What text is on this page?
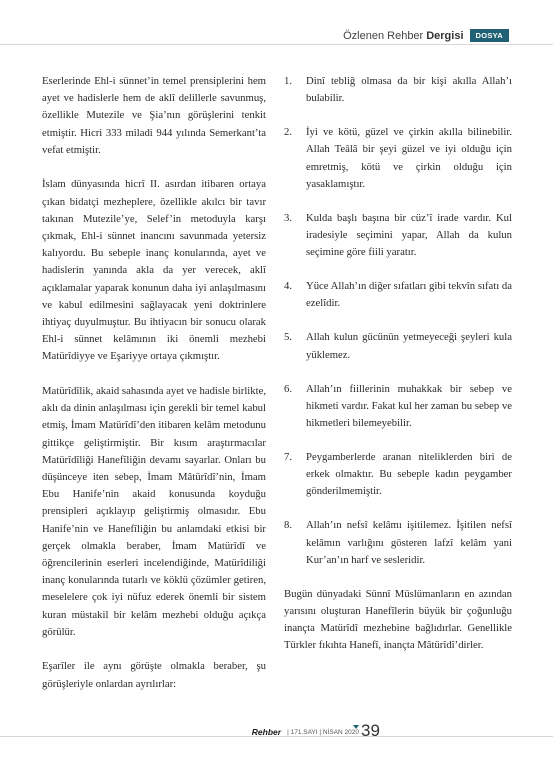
Özlenen Rehber Dergisi	DOSYA

Eserlerinde Ehl-i sünnet’in temel prensiplerini hem ayet ve hadislerle hem de aklî delillerle savunmuş, özellikle Mutezile ve Şia’nın görüşlerini tenkit etmiştir. Hicri 333 miladi 944 yılında Semerkant’ta vefat etmiştir.

İslam dünyasında hicrî II. asırdan itibaren ortaya çıkan bidatçi mezheplere, özellikle akılcı bir tavır takınan Mutezile’ye, Selef’in metoduyla karşı çıkmak, Ehl-i sünnet inancını savunmada yetersiz kalıyordu. Bu sebeple inanç konularında, ayet ve hadislerin yanında akla da yer verecek, aklî açıklamalar yaparak konunun daha iyi anlaşılmasını ve kabul edilmesini sağlayacak yeni doktrinlere ihtiyaç duyulmuştur. Bu ihtiyacın bir sonucu olarak Ehl-i sünnet kelâmının iki önemli mezhebi Matürîdiyye ve Eşariyye ortaya çıkmıştır.

Matürîdîlik, akaid sahasında ayet ve hadisle birlikte, aklı da dinin anlaşılması için gerekli bir temel kabul etmiş, İmam Matürîdî’den itibaren kelâm metodunu gittikçe geliştirmiştir. Bir kısım araştırmacılar Matürîdîliği Hanefîliğin devamı sayarlar. Onları bu düşünceye iten sebep, İmam Mâtürîdî’nin, İmam Ebu Hanife’nin akaid konusunda koyduğu prensipleri açıklayıp geliştirmiş olmasıdır. Ebu Hanife’nin ve Hanefîliğin bu anlamdaki etkisi bir gerçek olmakla beraber, İmam Matürîdî ve öğrencilerinin eserleri incelendiğinde, Matürîdiliği inanç konularında tutarlı ve köklü çözümler getiren, meselelere çok iyi nüfuz ederek önemli bir sistem kuran müstakil bir kelâm mezhebi olduğu açıkça görülür.

Eşarîler ile aynı görüşte olmakla beraber, şu görüşleriyle onlardan ayrılırlar:

1.	Dinî tebliğ olmasa da bir kişi akılla Allah’ı bulabilir.
2.	İyi ve kötü, güzel ve çirkin akılla bilinebilir. Allah Teâlâ bir şeyi güzel ve iyi olduğu için emretmiş, kötü ve çirkin olduğu için yasaklamıştır.
3.	Kulda başlı başına bir cüz’î irade vardır. Kul iradesiyle seçimini yapar, Allah da kulun seçimine göre fiili yaratır.
4.	Yüce Allah’ın diğer sıfatları gibi tekvîn sıfatı da ezelîdir.
5.	Allah kulun gücünün yetmeyeceği şeyleri kula yüklemez.
6.	Allah’ın fiillerinin muhakkak bir sebep ve hikmeti vardır. Fakat kul her zaman bu sebep ve hikmetleri bilemeyebilir.
7.	Peygamberlerde aranan niteliklerden biri de erkek olmaktır. Bu sebeple kadın peygamber gönderilmemiştir.
8.	Allah’ın nefsî kelâmı işitilemez. İşitilen nefsî kelâmın varlığını gösteren lafzî kelâm yani Kur’an’ın harf ve sesleridir.

Bugün dünyadaki Sünnî Müslümanların en azından yarısını oluşturan Hanefîlerin büyük bir çoğunluğu inançta Matürîdî mezhebine bağlıdırlar. Genellikle Türkler fıkıhta Hanefî, inançta Mâtürîdî’dirler.

Rehber | 171.SAYI | NİSAN 2020 39
